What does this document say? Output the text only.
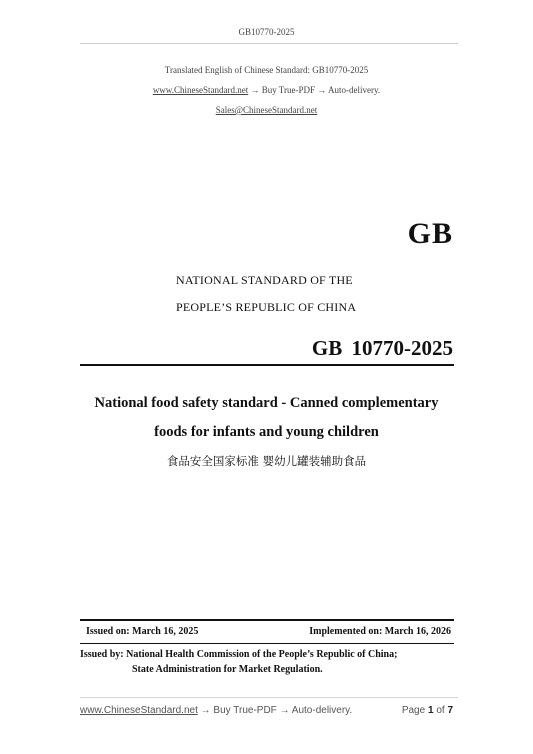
GB10770-2025
Translated English of Chinese Standard: GB10770-2025
www.ChineseStandard.net → Buy True-PDF → Auto-delivery.
Sales@ChineseStandard.net
GB
NATIONAL STANDARD OF THE
PEOPLE’S REPUBLIC OF CHINA
GB 10770-2025
National food safety standard - Canned complementary
foods for infants and young children
食品安全国家标准 婴幼儿罐装辅助食品
Issued on: March 16, 2025	Implemented on: March 16, 2026
Issued by: National Health Commission of the People’s Republic of China;
State Administration for Market Regulation.
www.ChineseStandard.net → Buy True-PDF → Auto-delivery.	Page 1 of 7
